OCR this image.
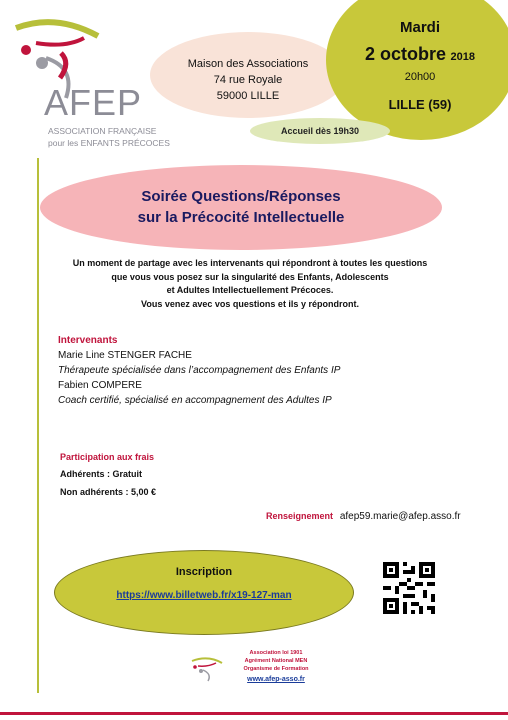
AFEP
ASSOCIATION FRANÇAISE
pour les ENFANTS PRÉCOCES
Maison des Associations
74 rue Royale
59000 LILLE
Mardi
2 octobre 2018
20h00
LILLE (59)
Accueil dès 19h30
Soirée Questions/Réponses
sur la Précocité Intellectuelle
Un moment de partage avec les intervenants qui répondront à toutes les questions
que vous vous posez sur la singularité des Enfants, Adolescents
et Adultes Intellectuellement Précoces.
Vous venez avec vos questions et ils y répondront.
Intervenants
Marie Line STENGER FACHE
Thérapeute spécialisée dans l’accompagnement des Enfants IP
Fabien COMPERE
Coach certifié, spécialisé en accompagnement des Adultes IP
Participation aux frais
Adhérents : Gratuit
Non adhérents : 5,00 €
Renseignement afep59.marie@afep.asso.fr
Inscription
https://www.billetweb.fr/x19-127-man
Association loi 1901
Agrément National MEN
Organisme de Formation
www.afep-asso.fr
